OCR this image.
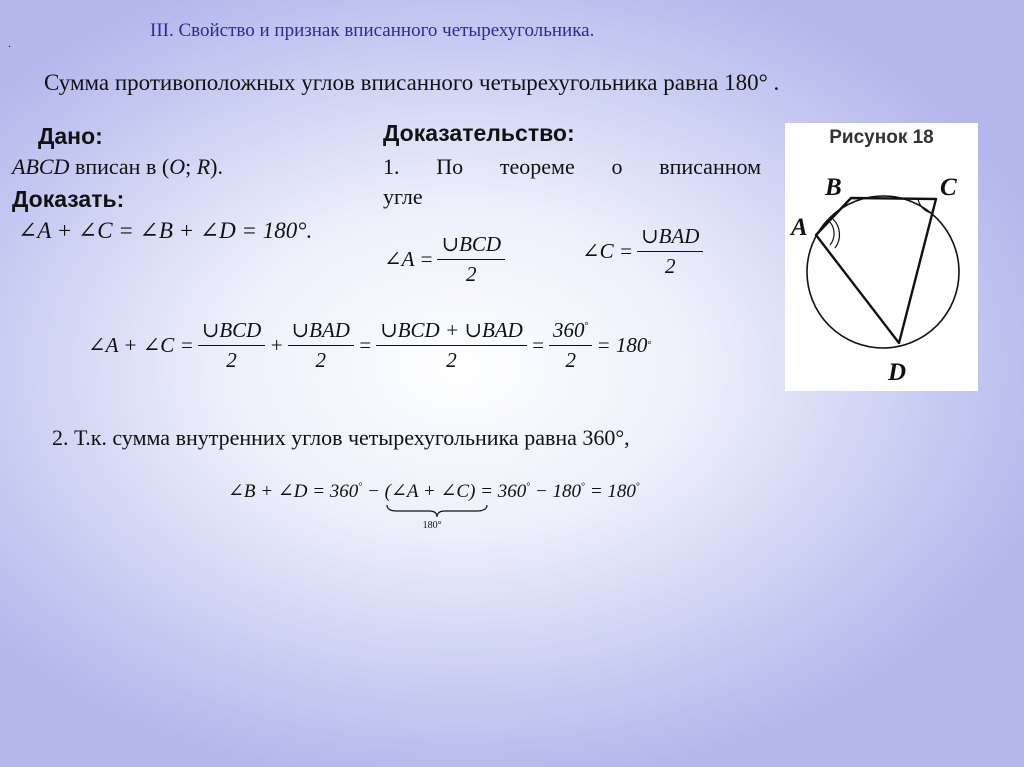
III. Свойство и признак вписанного четырехугольника.
.
Сумма противоположных углов вписанного четырехугольника равна 180° .
Дано:
ABCD вписан в (O; R).
Доказать:
∠A + ∠C = ∠B + ∠D = 180°.
Доказательство:
1. По теореме о вписанном
угле
∠A = $\frac{\text{∪BCD}}{2}$	∠C = $\frac{\text{∪BAD}}{2}$
∠A + ∠C = $\frac{\text{∪BCD}}{2} + \frac{\text{∪BAD}}{2} = \frac{\text{∪BCD + ∪BAD}}{2} = \frac{360^\circ}{2} = 180$ °
2. Т.к. сумма внутренних углов четырехугольника равна 360°,
∠B + ∠D = 360° − (∠A + ∠C)
180°
= 360° − 180° = 180°
Рисунок 18
A
B	C
D
